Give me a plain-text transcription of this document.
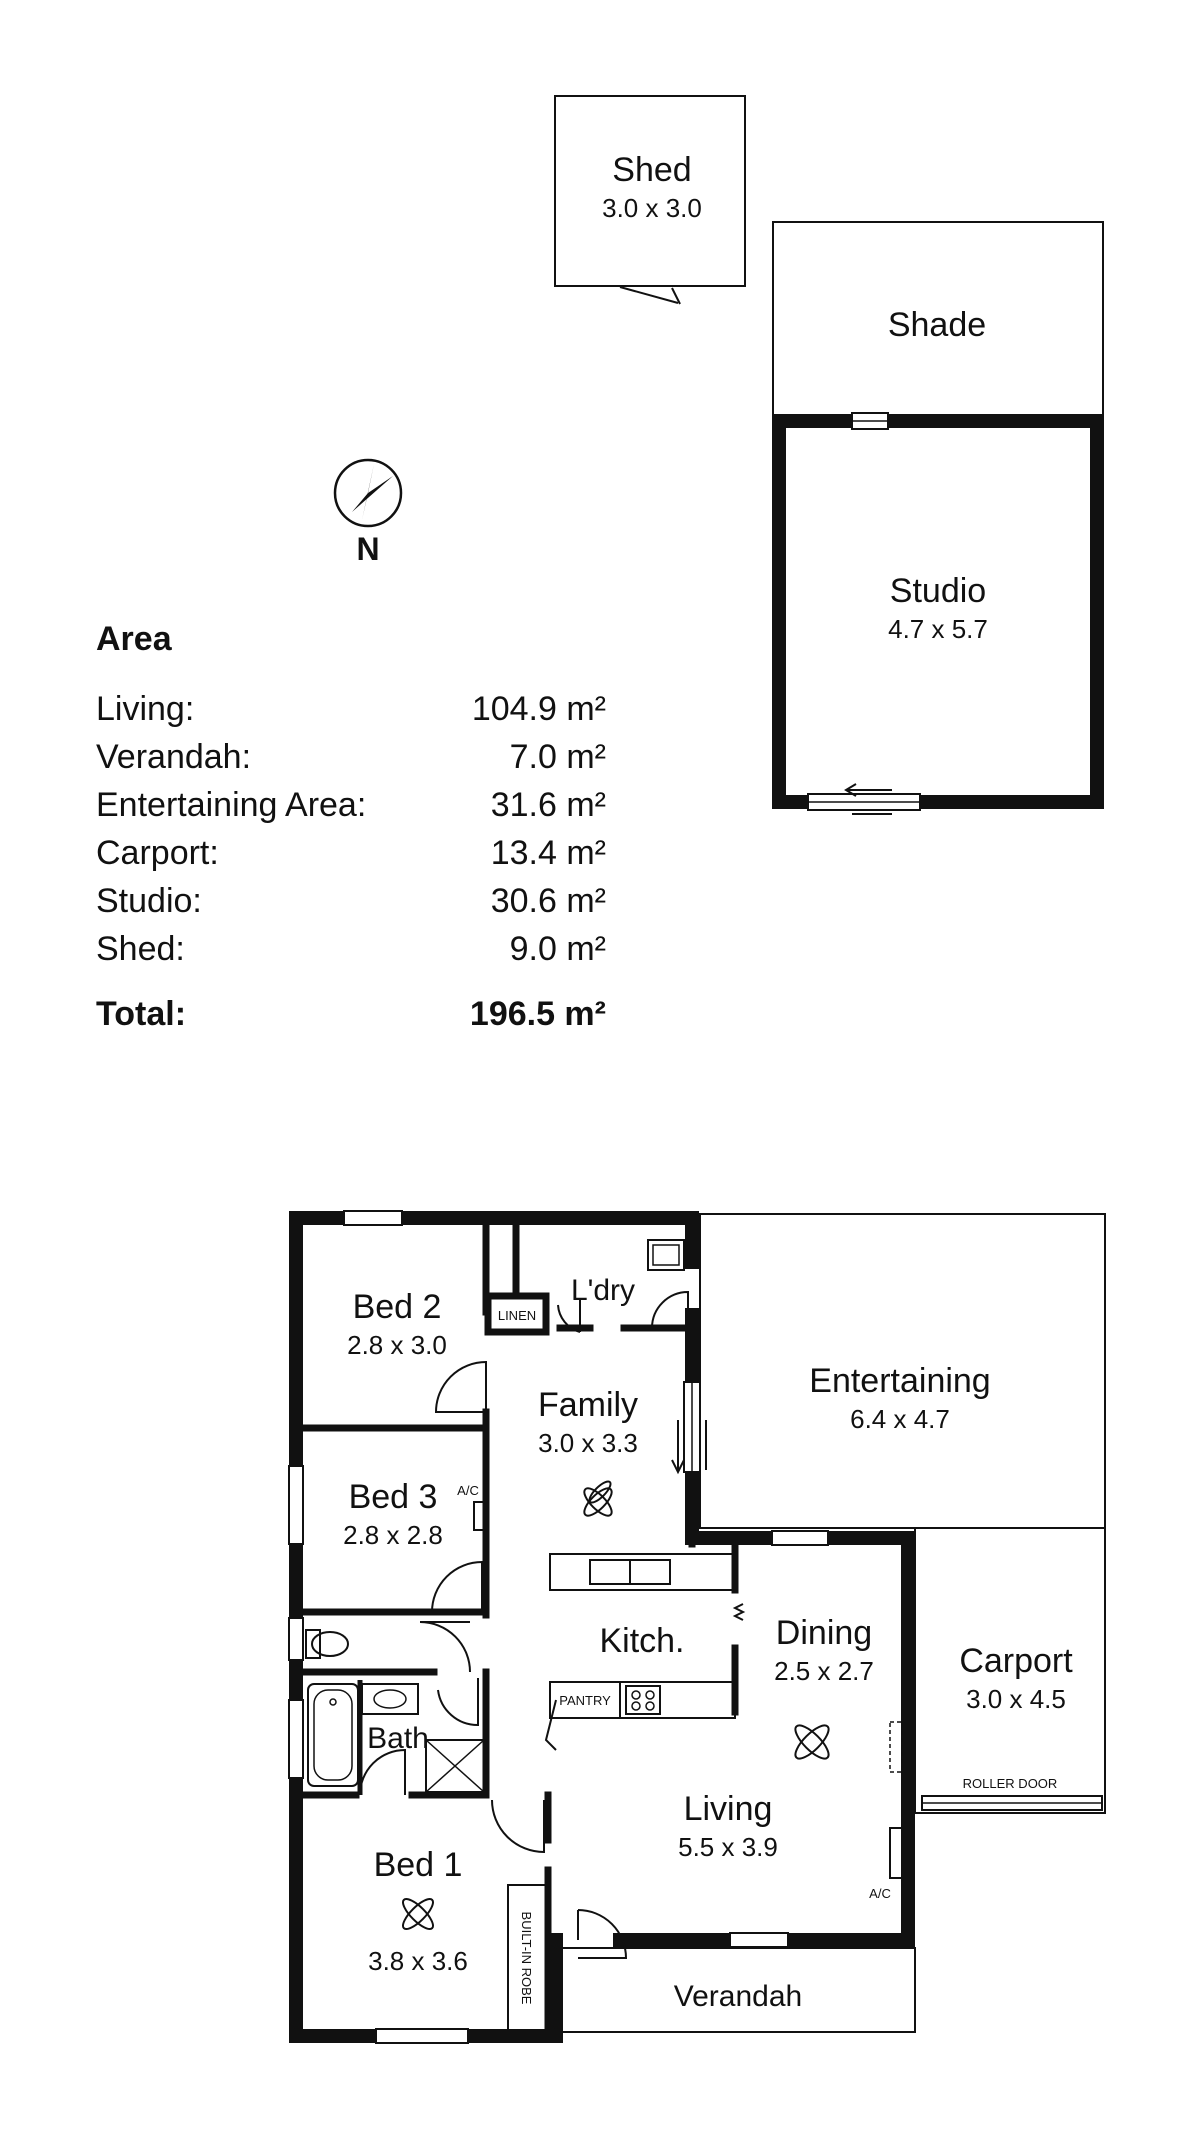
Shed
3.0 x 3.0
Shade
Studio
4.7 x 5.7
N
Area
Living:	104.9 m²
Verandah:	7.0 m²
Entertaining Area:	31.6 m²
Carport:	13.4 m²
Studio:	30.6 m²
Shed:	9.0 m²
Total:	196.5 m²
PANTRY
BUILT-IN ROBE
A/C
A/C
LINEN
ROLLER DOOR
Bed 2
2.8 x 3.0
Bed 3
2.8 x 2.8
Bed 1
3.8 x 3.6
L'dry
Family
3.0 x 3.3
Kitch.	Dining
2.5 x 2.7
Living
5.5 x 3.9
Bath
Entertaining
6.4 x 4.7
Carport
3.0 x 4.5
Verandah
